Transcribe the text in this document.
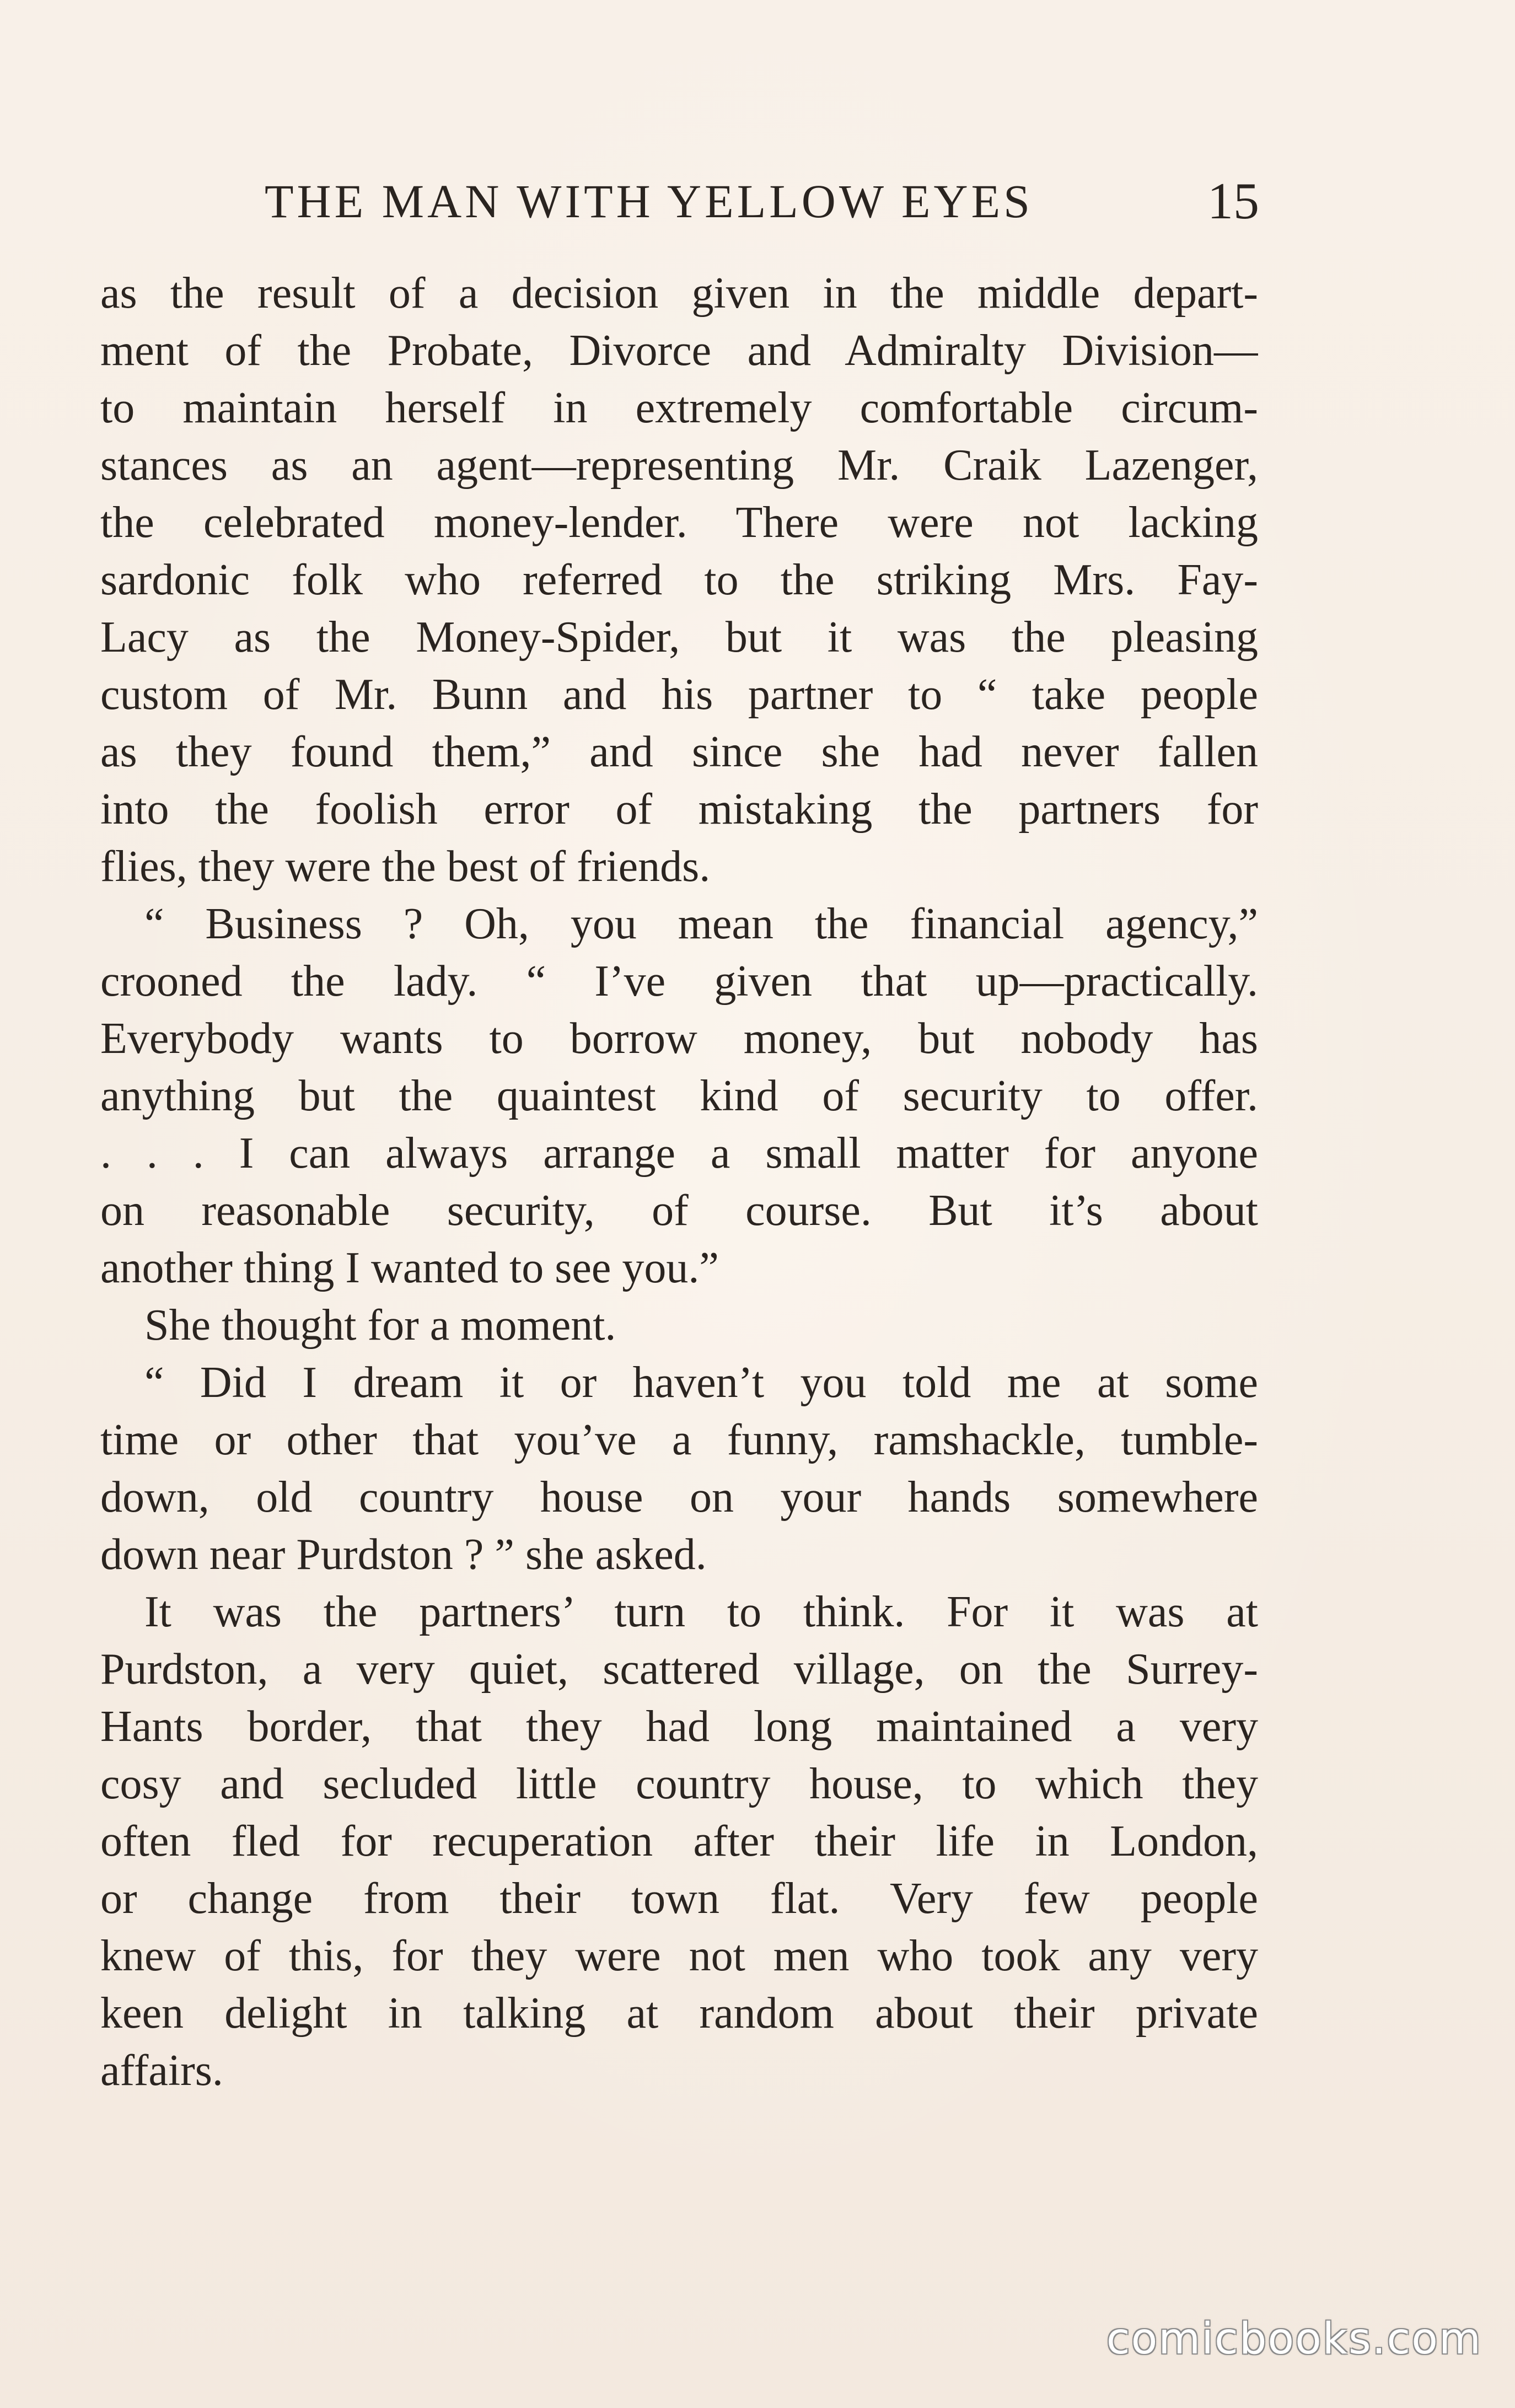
THE MAN WITH YELLOW EYES	15
as the result of a decision given in the middle depart-
ment of the Probate, Divorce and Admiralty Division—
to maintain herself in extremely comfortable circum-
stances as an agent—representing Mr. Craik Lazenger,
the celebrated money-lender. There were not lacking
sardonic folk who referred to the striking Mrs. Fay-
Lacy as the Money-Spider, but it was the pleasing
custom of Mr. Bunn and his partner to “ take people
as they found them,” and since she had never fallen
into the foolish error of mistaking the partners for
flies, they were the best of friends.
“ Business ? Oh, you mean the financial agency,”
crooned the lady. “ I’ve given that up—practically.
Everybody wants to borrow money, but nobody has
anything but the quaintest kind of security to offer.
. . . I can always arrange a small matter for anyone
on reasonable security, of course. But it’s about
another thing I wanted to see you.”
She thought for a moment.
“ Did I dream it or haven’t you told me at some
time or other that you’ve a funny, ramshackle, tumble-
down, old country house on your hands somewhere
down near Purdston ? ” she asked.
It was the partners’ turn to think. For it was at
Purdston, a very quiet, scattered village, on the Surrey-
Hants border, that they had long maintained a very
cosy and secluded little country house, to which they
often fled for recuperation after their life in London,
or change from their town flat. Very few people
knew of this, for they were not men who took any very
keen delight in talking at random about their private
affairs.
comicbooks.com
